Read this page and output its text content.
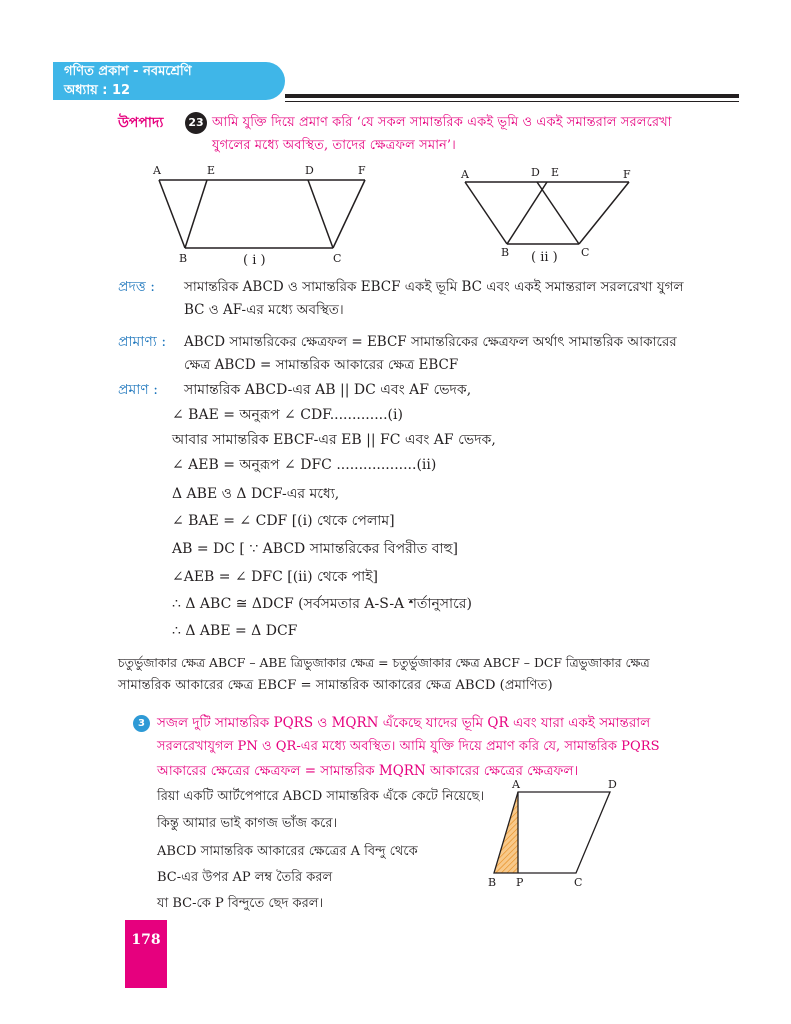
গণিত প্রকাশ - নবমশ্রেণি
অধ্যায় : 12
উপপাদ্য	23 আমি যুক্তি দিয়ে প্রমাণ করি ‘যে সকল সামান্তরিক একই ভূমি ও একই সমান্তরাল সরলরেখা
যুগলের মধ্যে অবস্থিত, তাদের ক্ষেত্রফল সমান’।
A	E	D	F
B	C
( i )
A	D E	F
B	C
( ii )
প্রদত্ত : সামান্তরিক ABCD ও সামান্তরিক EBCF একই ভূমি BC এবং একই সমান্তরাল সরলরেখা যুগল
BC ও AF-এর মধ্যে অবস্থিত।
প্রামাণ্য : ABCD সামান্তরিকের ক্ষেত্রফল = EBCF সামান্তরিকের ক্ষেত্রফল অর্থাৎ সামান্তরিক আকারের
ক্ষেত্র ABCD = সামান্তরিক আকারের ক্ষেত্র EBCF
প্রমাণ : সামান্তরিক ABCD-এর AB || DC এবং AF ভেদক,
∠ BAE = অনুরূপ ∠ CDF.............(i)
আবার সামান্তরিক EBCF-এর EB || FC এবং AF ভেদক,
∠ AEB = অনুরূপ ∠ DFC ..................(ii)
Δ ABE ও Δ DCF-এর মধ্যে,
∠ BAE = ∠ CDF [(i) থেকে পেলাম]
AB = DC [ ∵ ABCD সামান্তরিকের বিপরীত বাহু]
∠AEB = ∠ DFC [(ii) থেকে পাই]
∴ Δ ABC ≅ ΔDCF (সর্বসমতার A-S-A শর্তানুসারে)
∴ Δ ABE = Δ DCF
চতুর্ভুজাকার ক্ষেত্র ABCF – ABE ত্রিভুজাকার ক্ষেত্র = চতুর্ভুজাকার ক্ষেত্র ABCF – DCF ত্রিভুজাকার ক্ষেত্র
সামান্তরিক আকারের ক্ষেত্র EBCF = সামান্তরিক আকারের ক্ষেত্র ABCD (প্রমাণিত)
3 সজল দুটি সামান্তরিক PQRS ও MQRN এঁকেছে যাদের ভূমি QR এবং যারা একই সমান্তরাল
সরলরেখাযুগল PN ও QR-এর মধ্যে অবস্থিত। আমি যুক্তি দিয়ে প্রমাণ করি যে, সামান্তরিক PQRS
আকারের ক্ষেত্রের ক্ষেত্রফল = সামান্তরিক MQRN আকারের ক্ষেত্রের ক্ষেত্রফল।
রিয়া একটি আর্টপেপারে ABCD সামান্তরিক এঁকে কেটে নিয়েছে।
কিন্তু আমার ভাই কাগজ ভাঁজ করে।
ABCD সামান্তরিক আকারের ক্ষেত্রের A বিন্দু থেকে
BC-এর উপর AP লম্ব তৈরি করল
যা BC-কে P বিন্দুতে ছেদ করল।
A	D
B P	C
178
